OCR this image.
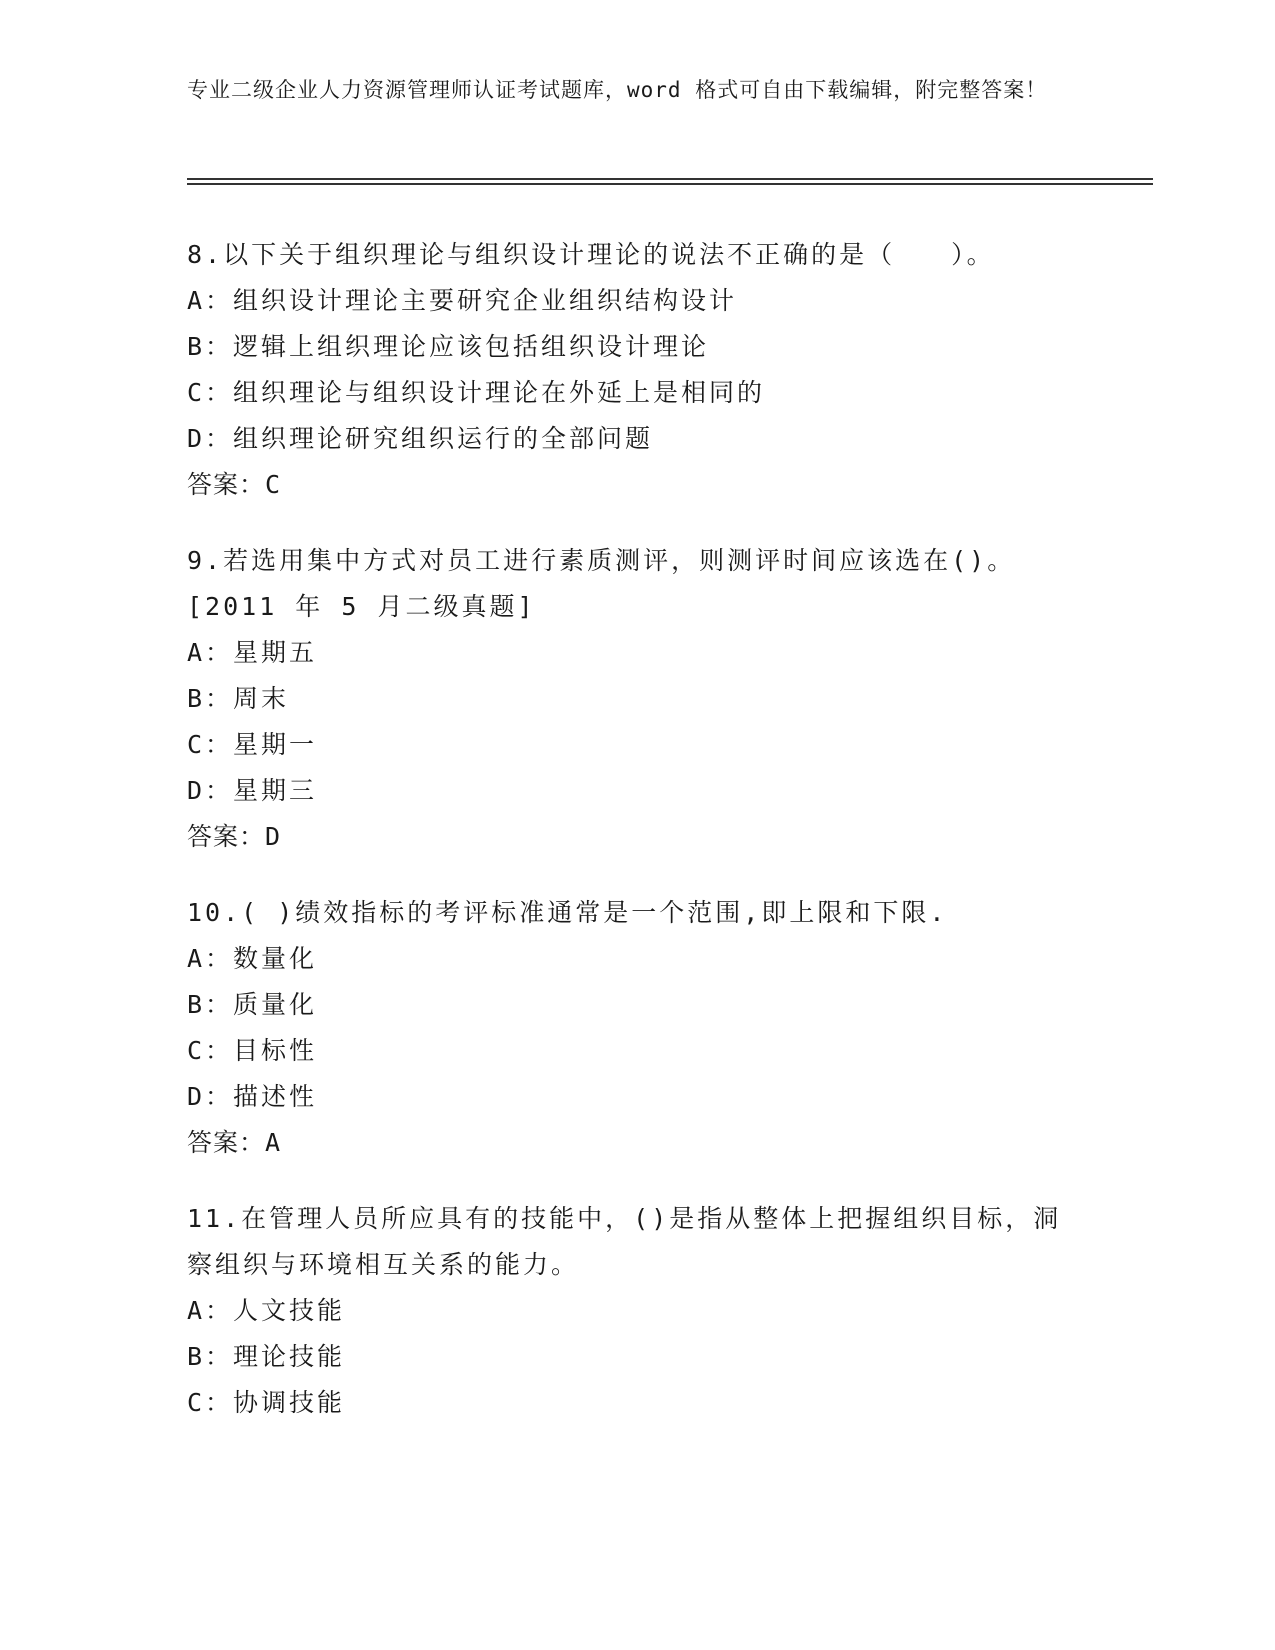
专业二级企业人力资源管理师认证考试题库，word 格式可自由下载编辑，附完整答案！
8.以下关于组织理论与组织设计理论的说法不正确的是（　　）。
A：组织设计理论主要研究企业组织结构设计
B：逻辑上组织理论应该包括组织设计理论
C：组织理论与组织设计理论在外延上是相同的
D：组织理论研究组织运行的全部问题
答案：C
9.若选用集中方式对员工进行素质测评，则测评时间应该选在()。
[2011 年 5 月二级真题]
A：星期五
B：周末
C：星期一
D：星期三
答案：D
10.( )绩效指标的考评标准通常是一个范围,即上限和下限.
A：数量化
B：质量化
C：目标性
D：描述性
答案：A
11.在管理人员所应具有的技能中，()是指从整体上把握组织目标，洞
察组织与环境相互关系的能力。
A：人文技能
B：理论技能
C：协调技能
